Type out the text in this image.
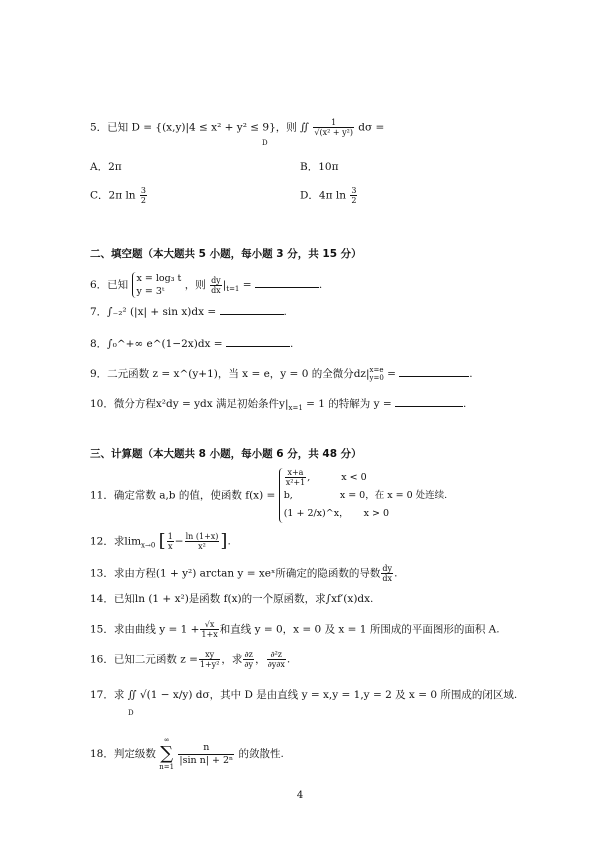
5．已知 D = {(x,y)|4 ≤ x² + y² ≤ 9}，则 ∬ $\frac{1}{\text{√(x² + y²)}}$ dσ =
D
A．2π	B．10π
C．2π $\ln \frac{3}{2}$	D．4π $\ln \frac{3}{2}$
二、填空题（本大题共 5 小题，每小题 3 分，共 15 分）
6．已知
x = log₃ t
y = 3ᵗ
，则 $\frac{dy}{dx} |_{t=1}$ =	.
7．∫₋₂² (|x| + sin x)dx =	.
8．∫₀^+∞ e^(1−2x)dx =	.
9．二元函数 z = x^(y+1)，当 x = e，y = 0 的全微分dz| x=e
y=0 =	.
10．微分方程x²dy = ydx 满足初始条件$y|_{x=1} = 1$ 的特解为 y =	.
三、计算题（本大题共 8 小题，每小题 6 分，共 48 分）
11．确定常数 a,b 的值，使函数 f(x) =
$\frac{x+a}{\text{x²+1}}$ ,	x < 0
b,	x = 0，在 x = 0 处连续.
(1 + 2/x)^x， x > 0
12．求$\lim_{x\to 0}$ [ $\frac{1}{x} - \frac{\ln (1+x)}{\text{x²}}$ ].
13．求由方程(1 + y²) arctan y = xeˣ所确定的隐函数的导数 $\frac{dy}{dx}$ .
14．已知ln (1 + x²)是函数 f(x)的一个原函数，求∫xf′(x)dx.
15．求由曲线 $y = 1 + \frac{√x}{1+x}$ 和直线 y = 0，x = 0 及 x = 1 所围成的平面图形的面积 A.
16．已知二元函数 $z = \frac{xy}{\text{1+y²}}$ ，求 $\frac{\partial z}{\partial y}$ ， $\frac{\text{∂²z}}{\partial y\partial x}$ .
17．求 ∬ √(1 − x/y) dσ，其中 D 是由直线 y = x,y = 1,y = 2 及 x = 0 所围成的闭区域.
D
18．判定级数
∞
∑
n=1

$\frac{n}{\text{|sin n| + 2ⁿ}}$ 的敛散性.
4
